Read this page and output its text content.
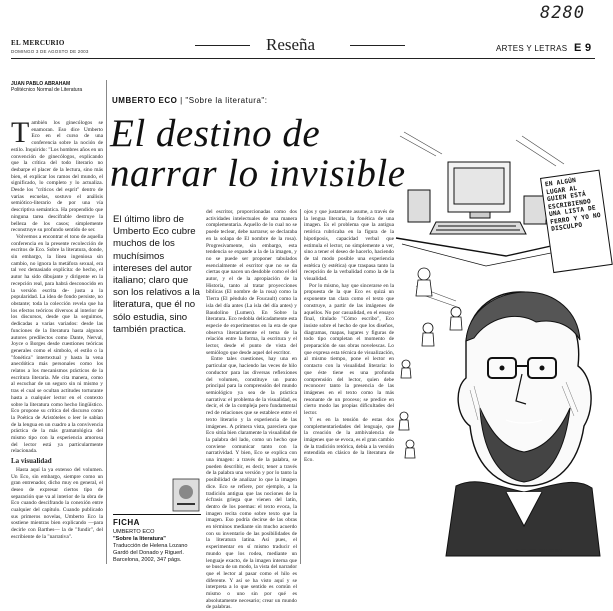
8280
EL MERCURIO
DOMINGO 3 DE AGOSTO DE 2003	Reseña	ARTES Y LETRAS E 9
JUAN PABLO ABRAHAM
Politécnico Normal de Literatura
UMBERTO ECO | "Sobre la literatura":
El destino de
narrar lo invisible
T ambién los ginecólogos se enamoran. Eso dice Umberto Eco en el curso de una conferencia sobre la noción de estilo. Inquirido: "Los hombres años en un convención de ginecólogos, explicando que la crítica del todo literario no desbarpe el placer de la lectura, sino más bien, el explicar los ramos del mundo, el significado, lo completo y lo actualiza. Desde los "críticos del esprit" dentro de varias escuelas, sostuvo el análisis semiótico-literario de por una vía descriptiva semántica. Ha propendido que ninguna tarea descifrable destruye la belleza de los casos; simplemente reconstruye su profundo sentido de ser.

Volvemos a encontrar el tono de aquella conferencia en la presente recolección de escritos de Eco. Sobre la literatura, donde, sin embargo, la línea ingeniosa sin cambio, no ignora la metáfora sexual, era tal vez demasiado explícita: de hecho, el autor ha sido dibujante y dirigente en la recepción real, para habrá desconocido en la versión escrita de- justa a la popularidad. La idea de fondo persiste, no obstante; toda la colección revela que ha los efectos teóricos diversos al interior de los discursos, desde que la seguimos, dedicadas a varias variados: desde las funciones de la literatura hasta algunos autores predilectos como Dante, Nerval, Joyce o Borges desde cuestiones teóricas generales como el símbolo, el estilo o la "fonética" intertextual y hasta la vena anecdótica más personales como los relatos a los mecanismos prácticos de la escritura literaria. Me cita manera, como al escuchar de un seguro sin ni mismo y tras el cual se ocultan actitudes torturante hasta a cualquier lector en el contexto sobre la literatura como hecho lingüístico. Eco propone su crítica del discurso como la Poética de Aristóteles o leer le sabían de la lengua en un cuadro a la convivencia práctica de la más gramatológica del mismo tipo con la experiencia amorosa del lector está ya particularmente relacionada.

La visualidad

Hasta aquí la ya extenso del volumen. Un Eco, sin embargo, siempre como un gran entrenador, dicho muy en general, el deseo de expresar ciertos tipo de separación que va al interior de la obra de Eco cuando descifrando la conexión entre cualquier del capítulo. Cuando publicado sus primeros novelas, Umberto Eco la sostiene mientras bien explicando —para decirle con Barthes— la de "fundir", del escribiente de la "narrativa".

El último libro de Umberto Eco cubre muchos de los muchísimos intereses del autor italiano; claro que son los relativos a la literatura, que él no sólo estudia, sino también practica.
FICHA
UMBERTO ECO
"Sobre la literatura"
Traducción de Helena Lozano Gardó del Donado y Riguerl. Barcelona, 2002, 347 págs.

del escritor, proporcionadas como dos actividades intelectuales de una manera complementaria. Aquello de lo cual no se puede teclear, debe narrarse; se declaraba en la solapa de El nombre de la rosa). Progresivamente, sin embargo, esta tendencia se expande a la de la imagen, y no se puede ser proponer tabulados esencialmente el escritor que no se da ciertas que nacen un desdoble como el del autor, y el de la apropiación de la Historia, tanto al tratar proyecciones bíblicas (El nombre de la rosa) como la Tierra (El péndulo de Foucault) como la isla del día antes (La isla del día antes) y Baudolino (Lumen). En Sobre la literatura. Eco redobla delicadamente esta especie de experimentos en la era de que observa literariamente el tema de la relación entre la forma, la escritura y el lector, desde el punto de vista del semiólogo que desde aquel del escritor.

Entre tales cuestiones, hay una en particular que, haciendo las veces de hilo conductor para las diversas reflexiones del volumen, constituye un punto principal para la comprensión del mundo semiológico ya sea de la práctica narrativa: el problema de la visualidad, es decir, el de la compleja pero fundamental red de relaciones que se establece entre el texto literario y la experiencia de las imágenes. A primera vista, pareciera que Eco sitúa bien claramente la visualidad de la palabra del lado, como un hecho que conviene comunicar tanto con la narratividad. Y bien, Eco se explica con una imagen: a través de la palabra, se pueden describir, es decir, tener a través de la palabra una versión y por lo tanto la posibilidad de analizar lo que la imagen dice. Eco se refiere, por ejemplo, a la tradición antigua que las nociones de la écfrasis griega que vienen del latín, dentro de los poemas: el texto evoca, la imagen recita como sobre texto que la imagen. Eso podría decirse de las obras en términos mediante sin mucho acuerdo con su inventario de las posibilidades de la literatura latina. Así pues, el experimentar en sí mismo traducir el mundo que los rodea, mediante un lenguaje exacto, de la imagen interna que se busca de un modo, la vista del narrador que el lector al pasar como el hilo es diferente. Y así se ha visto aquí y se interpreta a lo que sentido es común el mismo o uno sin por qué es absolutamente necesario; crear un mundo de palabras.

ojos y que justamente asume, a través de la lengua literaria, la fonética de una imagen. Es el problema que la antigua retórica rubricaba en la figura de la hipotiposis, capacidad verbal que estimula el lector, no simplemente a ver, sino a tener el deseo de hacerlo, haciendo de tal modo posible una experiencia estética (y estética) que traspasa tanto la recepción de la verbalidad como la de la visualidad.

Por lo mismo, hay que sincerarse en la propuesta de la que Eco es quizá un exponente tan clara como el texto que construye, a partir de las imágenes de aquellos. No por casualidad, en el ensayo final, titulado "Cómo escribo", Eco insiste sobre el hecho de que los diseños, diagramas, mapas, lugares y figuras de todo tipo completan el momento de preparación de sus obras novelescas. Lo que expresa esta técnica de visualización, al mismo tiempo, pone el lector en contacto con la visualidad literaria: lo que éste tiene es una profunda comprensión del lector, quien debe reconocer tanto la presencia de las imágenes en el texto como la más resonante de un proceso; se predice en cierto modo las propias dificultades del lector.

Y es en la tensión de estas dos complementariedades del lenguaje, que la creación de la ambivalencia de imágenes que se evoca, es el gran cambio de la tradición retórica, debía a la versión entendida en clásico de la literatura de Eco.

EN ALGÚN LUGAR AL GUIEN ESTÁ ESCRIBIENDO UNA LISTA DE FERRO Y YO NO DISCULPO
Ilustración: Patricio Bori
